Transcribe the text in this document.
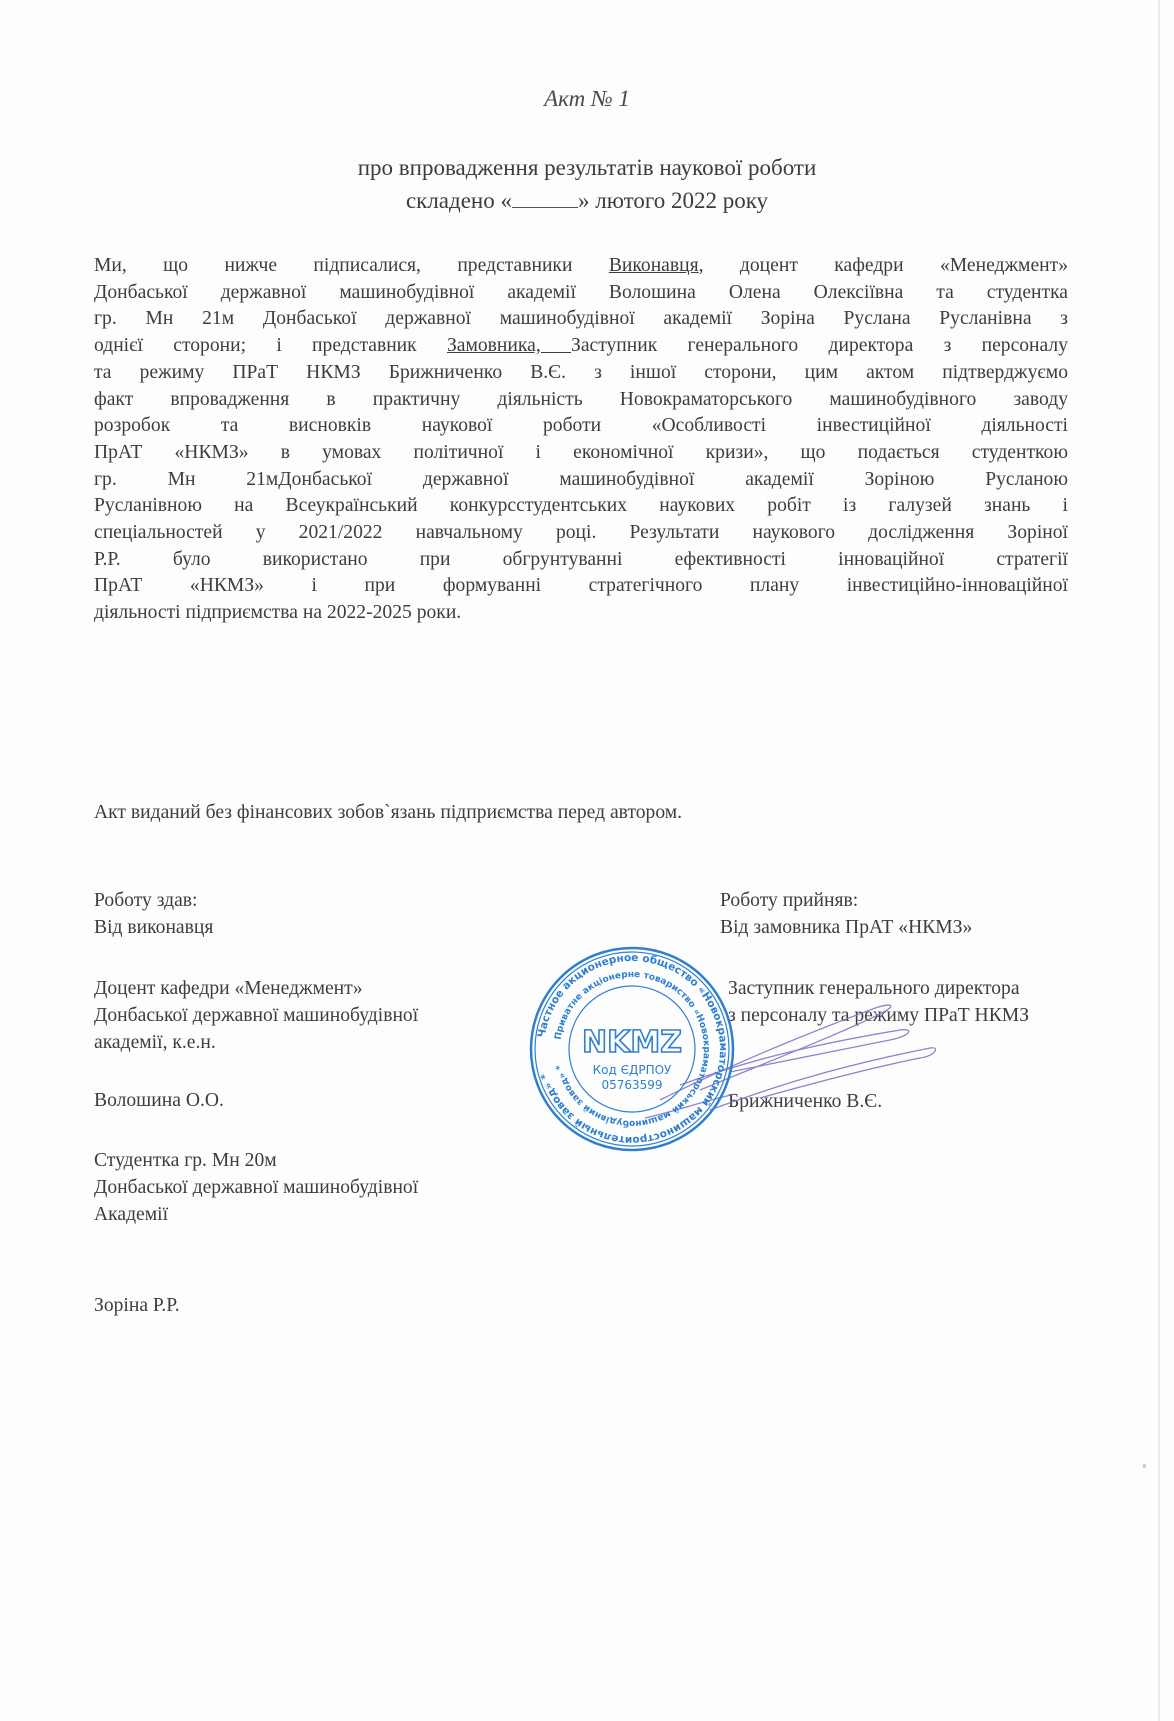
Акт № 1
про впровадження результатів наукової роботи
складено «	» лютого 2022 року
Ми, що нижче підписалися, представники Виконавця, доцент кафедри «Менеджмент»
Донбаської державної машинобудівної академії Волошина Олена Олексіївна та студентка
гр. Мн 21м Донбаської державної машинобудівної академії Зоріна Руслана Русланівна з
однієї сторони; і представник Замовника, Заступник генерального директора з персоналу
та режиму ПРаТ НКМЗ Брижниченко В.Є. з іншої сторони, цим актом підтверджуємо
факт впровадження в практичну діяльність Новокраматорського машинобудівного заводу
розробок та висновків наукової роботи «Особливості інвестиційної діяльності
ПрАТ «НКМЗ» в умовах політичної і економічної кризи», що подається студенткою
гр. Мн 21мДонбаської державної машинобудівної академії Зоріною Русланою
Русланівною на Всеукраїнський конкурсстудентських наукових робіт із галузей знань і
спеціальностей у 2021/2022 навчальному році. Результати наукового дослідження Зоріної
Р.Р. було використано при обгрунтуванні ефективності інноваційної стратегії
ПрАТ «НКМЗ» і при формуванні стратегічного плану інвестиційно-інноваційної
діяльності підприємства на 2022-2025 роки.
Акт виданий без фінансових зобов`язань підприємства перед автором.
Роботу здав:
Від виконавця
Доцент кафедри «Менеджмент»
Донбаської державної машинобудівної
академії, к.е.н.
Волошина О.О.
Студентка гр. Мн 20м
Донбаської державної машинобудівної
Академії
Зоріна Р.Р.
Роботу прийняв:
Від замовника ПрАТ «НКМЗ»
Заступник генерального директора
з персоналу та режиму ПРаТ НКМЗ
Брижниченко В.Є.
Частное акционерное общество «Новокраматорский машиностроительный завод» *
Приватне акціонерне товариство «Новокраматорський машинобудівний завод» *
NKMZ
Код ЄДРПОУ
05763599
